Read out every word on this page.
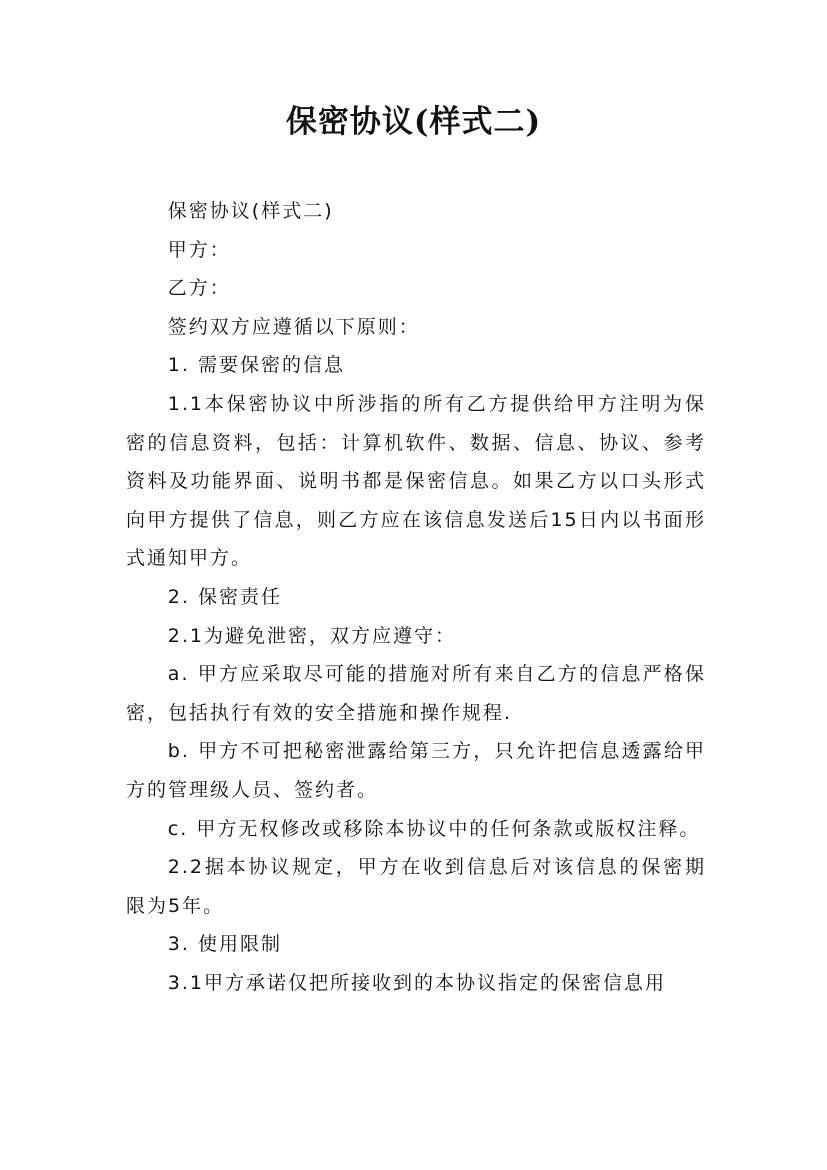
保密协议(样式二)

保密协议(样式二)

甲方：

乙方：

签约双方应遵循以下原则：

1. 需要保密的信息

1.1本保密协议中所涉指的所有乙方提供给甲方注明为保密的信息资料，包括：计算机软件、数据、信息、协议、参考资料及功能界面、说明书都是保密信息。如果乙方以口头形式向甲方提供了信息，则乙方应在该信息发送后15日内以书面形式通知甲方。

2. 保密责任

2.1为避免泄密，双方应遵守：

a. 甲方应采取尽可能的措施对所有来自乙方的信息严格保密，包括执行有效的安全措施和操作规程.

b. 甲方不可把秘密泄露给第三方，只允许把信息透露给甲方的管理级人员、签约者。

c. 甲方无权修改或移除本协议中的任何条款或版权注释。

2.2据本协议规定，甲方在收到信息后对该信息的保密期限为5年。

3. 使用限制

3.1甲方承诺仅把所接收到的本协议指定的保密信息用
